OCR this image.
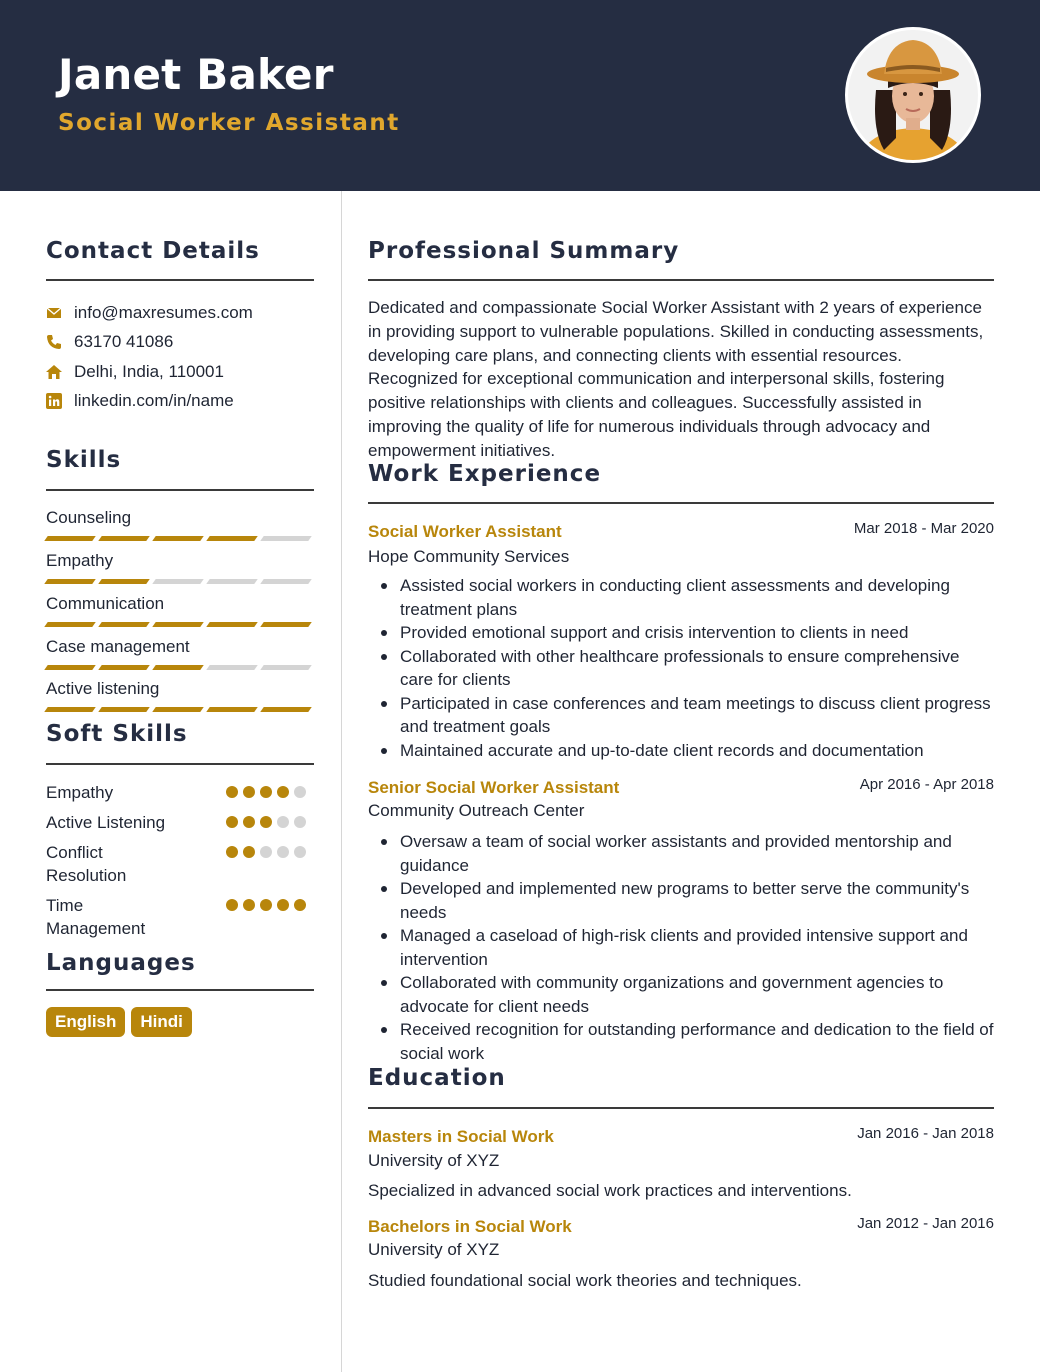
Janet Baker
Social Worker Assistant
Contact Details
info@maxresumes.com
63170 41086
Delhi, India, 110001
linkedin.com/in/name
Skills
Counseling
Empathy
Communication
Case management
Active listening
Soft Skills
Empathy
Active Listening
Conflict Resolution
Time Management
Languages
English	Hindi
Professional Summary
Dedicated and compassionate Social Worker Assistant with 2 years of experience in providing support to vulnerable populations. Skilled in conducting assessments, developing care plans, and connecting clients with essential resources. Recognized for exceptional communication and interpersonal skills, fostering positive relationships with clients and colleagues. Successfully assisted in improving the quality of life for numerous individuals through advocacy and empowerment initiatives.
Work Experience
Social Worker Assistant	Mar 2018 - Mar 2020
Hope Community Services
Assisted social workers in conducting client assessments and developing treatment plans
Provided emotional support and crisis intervention to clients in need
Collaborated with other healthcare professionals to ensure comprehensive care for clients
Participated in case conferences and team meetings to discuss client progress and treatment goals
Maintained accurate and up-to-date client records and documentation
Senior Social Worker Assistant	Apr 2016 - Apr 2018
Community Outreach Center
Oversaw a team of social worker assistants and provided mentorship and guidance
Developed and implemented new programs to better serve the community's needs
Managed a caseload of high-risk clients and provided intensive support and intervention
Collaborated with community organizations and government agencies to advocate for client needs
Received recognition for outstanding performance and dedication to the field of social work
Education
Masters in Social Work	Jan 2016 - Jan 2018
University of XYZ
Specialized in advanced social work practices and interventions.
Bachelors in Social Work	Jan 2012 - Jan 2016
University of XYZ
Studied foundational social work theories and techniques.
